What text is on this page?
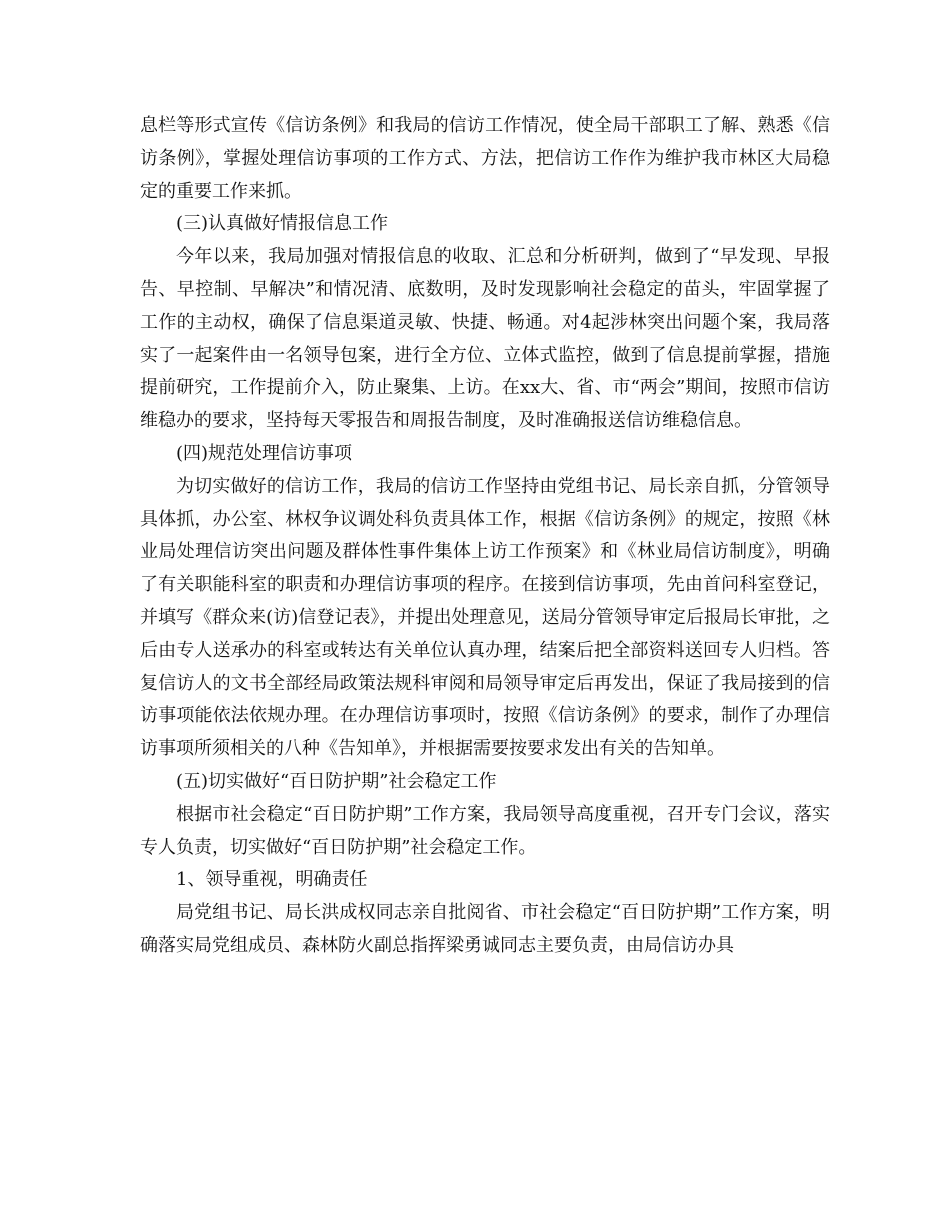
息栏等形式宣传《信访条例》和我局的信访工作情况，使全局干部职工了解、熟悉《信访条例》，掌握处理信访事项的工作方式、方法，把信访工作作为维护我市林区大局稳定的重要工作来抓。

(三)认真做好情报信息工作

今年以来，我局加强对情报信息的收取、汇总和分析研判，做到了“早发现、早报告、早控制、早解决”和情况清、底数明，及时发现影响社会稳定的苗头，牢固掌握了工作的主动权，确保了信息渠道灵敏、快捷、畅通。对4起涉林突出问题个案，我局落实了一起案件由一名领导包案，进行全方位、立体式监控，做到了信息提前掌握，措施提前研究，工作提前介入，防止聚集、上访。在xx大、省、市“两会”期间，按照市信访维稳办的要求，坚持每天零报告和周报告制度，及时准确报送信访维稳信息。

(四)规范处理信访事项

为切实做好的信访工作，我局的信访工作坚持由党组书记、局长亲自抓，分管领导具体抓，办公室、林权争议调处科负责具体工作，根据《信访条例》的规定，按照《林业局处理信访突出问题及群体性事件集体上访工作预案》和《林业局信访制度》，明确了有关职能科室的职责和办理信访事项的程序。在接到信访事项，先由首问科室登记，并填写《群众来(访)信登记表》，并提出处理意见，送局分管领导审定后报局长审批，之后由专人送承办的科室或转达有关单位认真办理，结案后把全部资料送回专人归档。答复信访人的文书全部经局政策法规科审阅和局领导审定后再发出，保证了我局接到的信访事项能依法依规办理。在办理信访事项时，按照《信访条例》的要求，制作了办理信访事项所须相关的八种《告知单》，并根据需要按要求发出有关的告知单。

(五)切实做好“百日防护期”社会稳定工作

根据市社会稳定“百日防护期”工作方案，我局领导高度重视，召开专门会议，落实专人负责，切实做好“百日防护期”社会稳定工作。

1、领导重视，明确责任

局党组书记、局长洪成权同志亲自批阅省、市社会稳定“百日防护期”工作方案，明确落实局党组成员、森林防火副总指挥梁勇诚同志主要负责，由局信访办具
